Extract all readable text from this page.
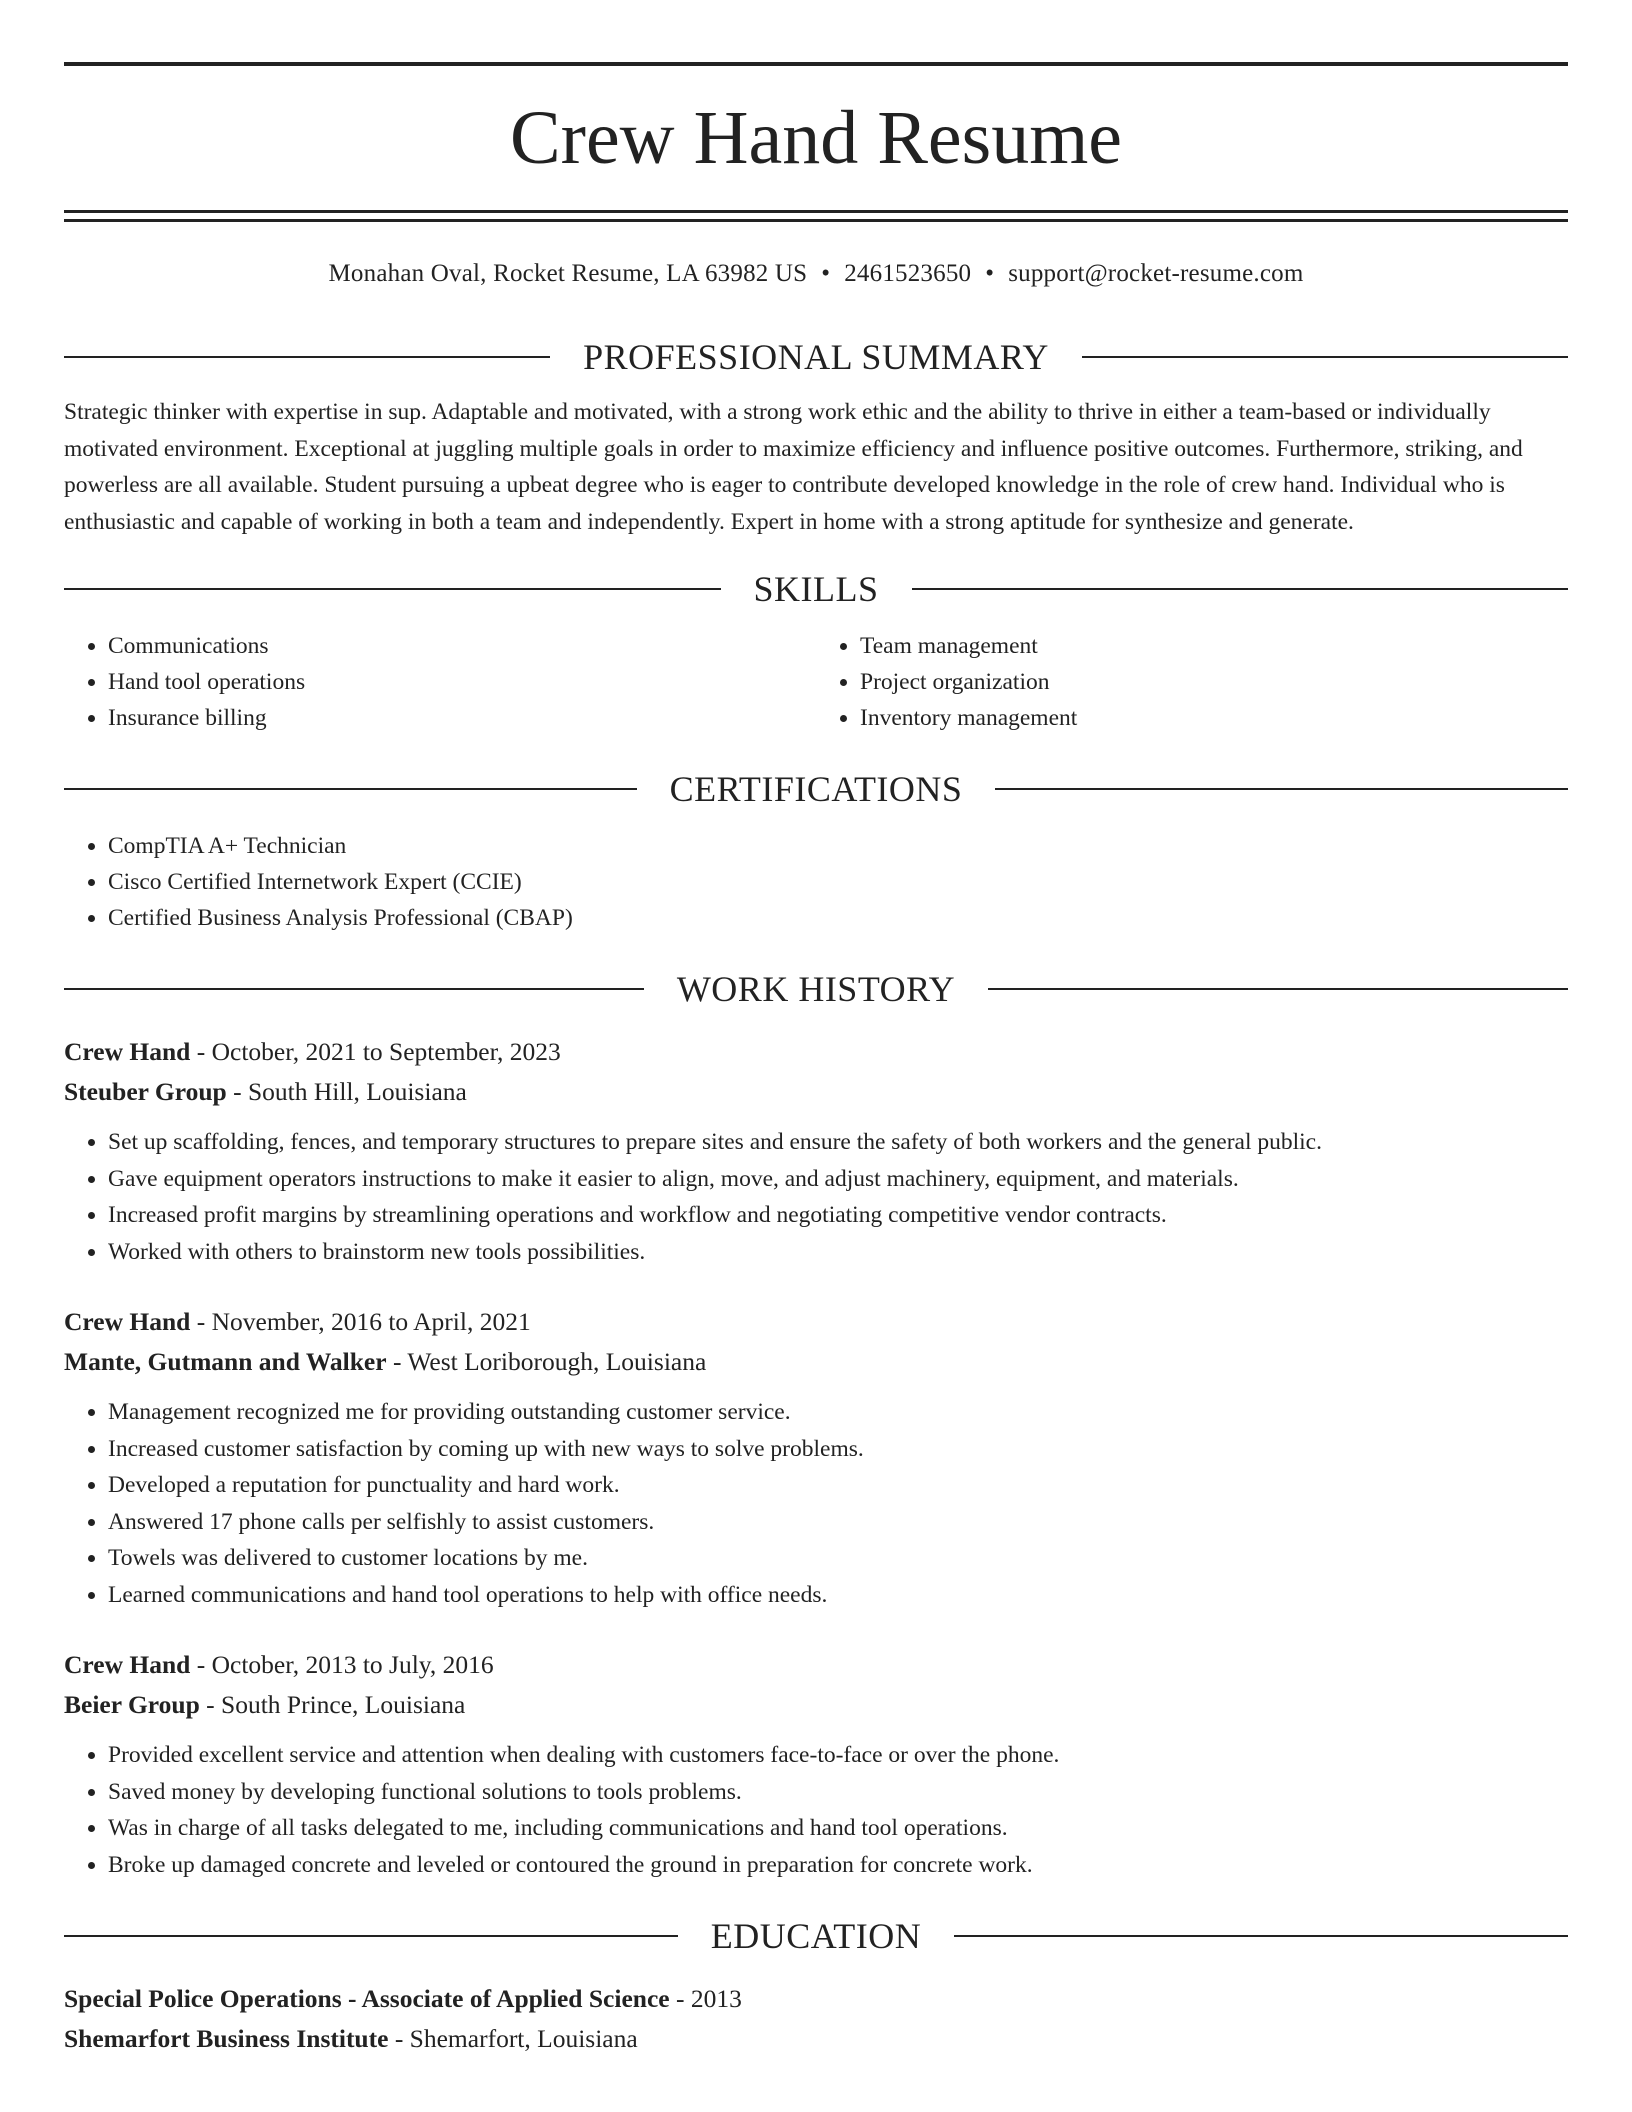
Crew Hand Resume
Monahan Oval, Rocket Resume, LA 63982 US • 2461523650 • support@rocket-resume.com
PROFESSIONAL SUMMARY
Strategic thinker with expertise in sup. Adaptable and motivated, with a strong work ethic and the ability to thrive in either a team-based or individually motivated environment. Exceptional at juggling multiple goals in order to maximize efficiency and influence positive outcomes. Furthermore, striking, and powerless are all available. Student pursuing a upbeat degree who is eager to contribute developed knowledge in the role of crew hand. Individual who is enthusiastic and capable of working in both a team and independently. Expert in home with a strong aptitude for synthesize and generate.
SKILLS
• Communications
• Hand tool operations
• Insurance billing
• Team management
• Project organization
• Inventory management
CERTIFICATIONS
• CompTIA A+ Technician
• Cisco Certified Internetwork Expert (CCIE)
• Certified Business Analysis Professional (CBAP)
WORK HISTORY
Crew Hand - October, 2021 to September, 2023
Steuber Group - South Hill, Louisiana
• Set up scaffolding, fences, and temporary structures to prepare sites and ensure the safety of both workers and the general public.
• Gave equipment operators instructions to make it easier to align, move, and adjust machinery, equipment, and materials.
• Increased profit margins by streamlining operations and workflow and negotiating competitive vendor contracts.
• Worked with others to brainstorm new tools possibilities.
Crew Hand - November, 2016 to April, 2021
Mante, Gutmann and Walker - West Loriborough, Louisiana
• Management recognized me for providing outstanding customer service.
• Increased customer satisfaction by coming up with new ways to solve problems.
• Developed a reputation for punctuality and hard work.
• Answered 17 phone calls per selfishly to assist customers.
• Towels was delivered to customer locations by me.
• Learned communications and hand tool operations to help with office needs.
Crew Hand - October, 2013 to July, 2016
Beier Group - South Prince, Louisiana
• Provided excellent service and attention when dealing with customers face-to-face or over the phone.
• Saved money by developing functional solutions to tools problems.
• Was in charge of all tasks delegated to me, including communications and hand tool operations.
• Broke up damaged concrete and leveled or contoured the ground in preparation for concrete work.
EDUCATION
Special Police Operations - Associate of Applied Science - 2013
Shemarfort Business Institute - Shemarfort, Louisiana
